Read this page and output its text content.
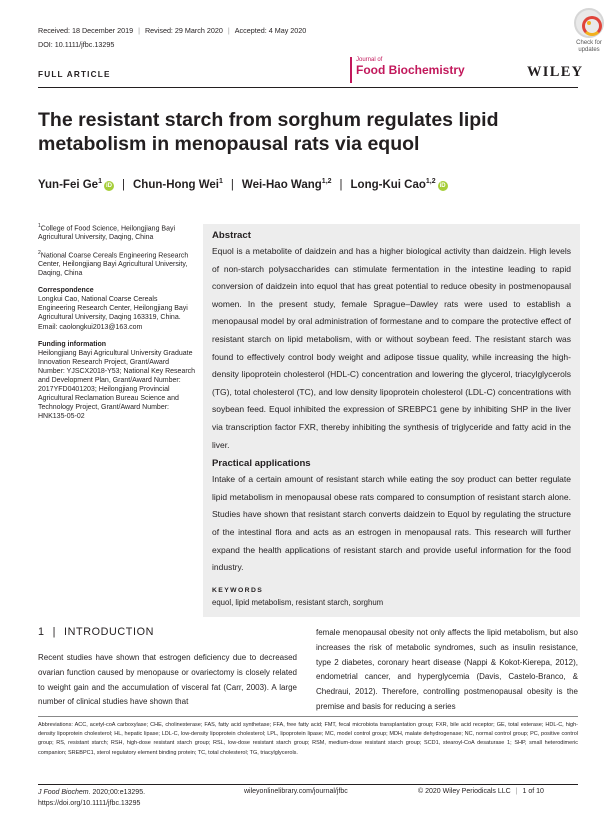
Received: 18 December 2019 | Revised: 29 March 2020 | Accepted: 4 May 2020
DOI: 10.1111/jfbc.13295	Check for updates
FULL ARTICLE
Journal of
Food Biochemistry	WILEY
The resistant starch from sorghum regulates lipid metabolism in menopausal rats via equol
Yun-Fei Ge$^1$iD | Chun-Hong Wei$^1$ | Wei-Hao Wang$^{1,2}$ | Long-Kui Cao$^{1,2}$iD
$^1$College of Food Science, Heilongjiang Bayi Agricultural University, Daqing, China
$^2$National Coarse Cereals Engineering Research Center, Heilongjiang Bayi Agricultural University, Daqing, China
Correspondence
Longkui Cao, National Coarse Cereals Engineering Research Center, Heilongjiang Bayi Agricultural University, Daqing 163319, China.
Email: caolongkui2013@163.com
Funding information
Heilongjiang Bayi Agricultural University Graduate Innovation Research Project, Grant/Award Number: YJSCX2018-Y53; National Key Research and Development Plan, Grant/Award Number: 2017YFD0401203; Heilongjiang Provincial Agricultural Reclamation Bureau Science and Technology Project, Grant/Award Number: HNK135-05-02
Abstract

Equol is a metabolite of daidzein and has a higher biological activity than daidzein. High levels of non-starch polysaccharides can stimulate fermentation in the intestine leading to rapid conversion of daidzein into equol that has great potential to reduce obesity in postmenopausal women. In the present study, female Sprague–Dawley rats were used to establish a menopausal model by oral administration of formestane and to compare the protective effect of resistant starch on lipid metabolism, with or without soybean feed. The resistant starch was found to effectively control body weight and adipose tissue quality, while increasing the high-density lipoprotein cholesterol (HDL-C) concentration and lowering the glycerol, triacylglycerols (TG), total cholesterol (TC), and low density lipoprotein cholesterol (LDL-C) concentrations with soybean feed. Equol inhibited the expression of SREBPC1 gene by inhibiting SHP in the liver via transcription factor FXR, thereby inhibiting the synthesis of triglyceride and fatty acid in the liver.

Practical applications

Intake of a certain amount of resistant starch while eating the soy product can better regulate lipid metabolism in menopausal obese rats compared to consumption of resistant starch alone. Studies have shown that resistant starch converts daidzein to Equol by regulating the structure of the intestinal flora and acts as an estrogen in menopausal rats. This research will further expand the health applications of resistant starch and provide useful information for the food industry.

KEYWORDS
equol, lipid metabolism, resistant starch, sorghum
1 | INTRODUCTION
Recent studies have shown that estrogen deficiency due to decreased ovarian function caused by menopause or ovariectomy is closely related to weight gain and the accumulation of visceral fat (Carr, 2003). A large number of clinical studies have shown that
female menopausal obesity not only affects the lipid metabolism, but also increases the risk of metabolic syndromes, such as insulin resistance, type 2 diabetes, coronary heart disease (Nappi & Kokot-Kierepa, 2012), endometrial cancer, and hyperglycemia (Davis, Castelo-Branco, & Chedraui, 2012). Therefore, controlling postmenopausal obesity is the premise and basis for reducing a series
Abbreviations: ACC, acetyl-coA carboxylase; CHE, cholinesterase; FAS, fatty acid synthetase; FFA, free fatty acid; FMT, fecal microbiota transplantation group; FXR, bile acid receptor; GE, total esterase; HDL-C, high-density lipoprotein cholesterol; HL, hepatic lipase; LDL-C, low-density lipoprotein cholesterol; LPL, lipoprotein lipase; MC, model control group; MDH, malate dehydrogenase; NC, normal control group; PC, positive control group; RS, resistant starch; RSH, high-dose resistant starch group; RSL, low-dose resistant starch group; RSM, medium-dose resistant starch group; SCD1, stearoyl-CoA desaturase 1; SHP, small heterodimeric companion; SREBPC1, sterol regulatory element binding protein; TC, total cholesterol; TG, triacylglycerols.
J Food Biochem. 2020;00:e13295.
https://doi.org/10.1111/jfbc.13295
wileyonlinelibrary.com/journal/jfbc	© 2020 Wiley Periodicals LLC | 1 of 10
